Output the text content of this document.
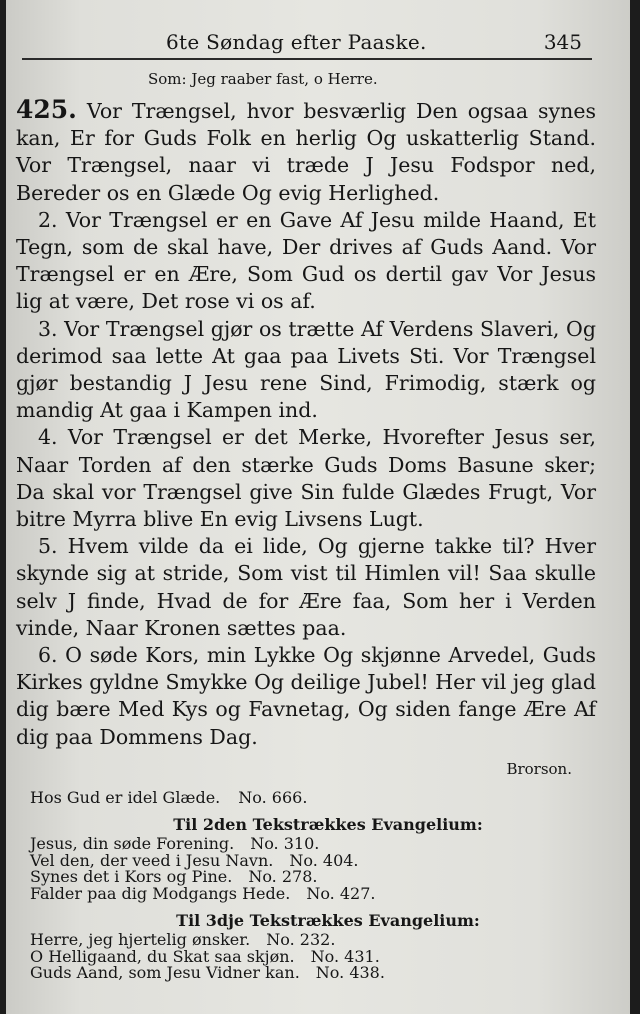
6te Søndag efter Paaske.	345
Som: Jeg raaber fast, o Herre.

425. Vor Trængsel, hvor besværlig Den ogsaa synes kan, Er for Guds Folk en herlig Og uskatterlig Stand. Vor Trængsel, naar vi træde J Jesu Fodspor ned, Bereder os en Glæde Og evig Herlighed.

2. Vor Trængsel er en Gave Af Jesu milde Haand, Et Tegn, som de skal have, Der drives af Guds Aand. Vor Trængsel er en Ære, Som Gud os dertil gav Vor Jesus lig at være, Det rose vi os af.

3. Vor Trængsel gjør os trætte Af Verdens Slaveri, Og derimod saa lette At gaa paa Livets Sti. Vor Trængsel gjør bestandig J Jesu rene Sind, Frimodig, stærk og mandig At gaa i Kampen ind.

4. Vor Trængsel er det Merke, Hvorefter Jesus ser, Naar Torden af den stærke Guds Doms Basune sker; Da skal vor Trængsel give Sin fulde Glædes Frugt, Vor bitre Myrra blive En evig Livsens Lugt.

5. Hvem vilde da ei lide, Og gjerne takke til? Hver skynde sig at stride, Som vist til Himlen vil! Saa skulle selv J finde, Hvad de for Ære faa, Som her i Verden vinde, Naar Kronen sættes paa.

6. O søde Kors, min Lykke Og skjønne Arvedel, Guds Kirkes gyldne Smykke Og deilige Jubel! Her vil jeg glad dig bære Med Kys og Favnetag, Og siden fange Ære Af dig paa Dommens Dag.

Brorson.
Hos Gud er idel Glæde. No. 666.
Til 2den Tekstrækkes Evangelium:
Jesus, din søde Forening. No. 310.
Vel den, der veed i Jesu Navn. No. 404.
Synes det i Kors og Pine. No. 278.
Falder paa dig Modgangs Hede. No. 427.
Til 3dje Tekstrækkes Evangelium:
Herre, jeg hjertelig ønsker. No. 232.
O Helligaand, du Skat saa skjøn. No. 431.
Guds Aand, som Jesu Vidner kan. No. 438.
